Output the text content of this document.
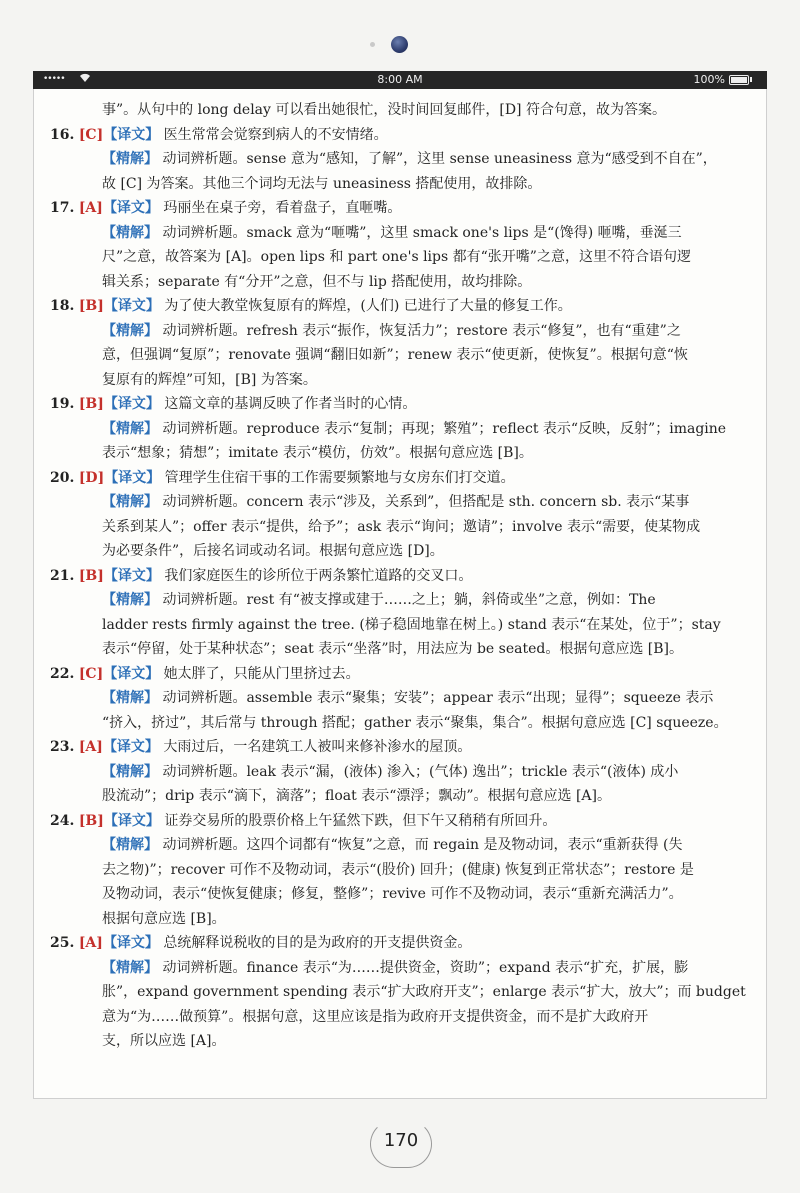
•••••	8:00 AM	100%
事”。从句中的 long delay 可以看出她很忙，没时间回复邮件，[D] 符合句意，故为答案。
16. [C]【译文】 医生常常会觉察到病人的不安情绪。
【精解】 动词辨析题。sense 意为“感知，了解”，这里 sense uneasiness 意为“感受到不自在”，
故 [C] 为答案。其他三个词均无法与 uneasiness 搭配使用，故排除。
17. [A]【译文】 玛丽坐在桌子旁，看着盘子，直咂嘴。
【精解】 动词辨析题。smack 意为“咂嘴”，这里 smack one's lips 是“(馋得) 咂嘴，垂涎三
尺”之意，故答案为 [A]。open lips 和 part one's lips 都有“张开嘴”之意，这里不符合语句逻
辑关系；separate 有“分开”之意，但不与 lip 搭配使用，故均排除。
18. [B]【译文】 为了使大教堂恢复原有的辉煌，(人们) 已进行了大量的修复工作。
【精解】 动词辨析题。refresh 表示“振作，恢复活力”；restore 表示“修复”，也有“重建”之
意，但强调“复原”；renovate 强调“翻旧如新”；renew 表示“使更新，使恢复”。根据句意“恢
复原有的辉煌”可知，[B] 为答案。
19. [B]【译文】 这篇文章的基调反映了作者当时的心情。
【精解】 动词辨析题。reproduce 表示“复制；再现；繁殖”；reflect 表示“反映，反射”；imagine
表示“想象；猜想”；imitate 表示“模仿，仿效”。根据句意应选 [B]。
20. [D]【译文】 管理学生住宿干事的工作需要频繁地与女房东们打交道。
【精解】 动词辨析题。concern 表示“涉及，关系到”，但搭配是 sth. concern sb. 表示“某事
关系到某人”；offer 表示“提供，给予”；ask 表示“询问；邀请”；involve 表示“需要，使某物成
为必要条件”，后接名词或动名词。根据句意应选 [D]。
21. [B]【译文】 我们家庭医生的诊所位于两条繁忙道路的交叉口。
【精解】 动词辨析题。rest 有“被支撑或建于……之上；躺，斜倚或坐”之意，例如：The
ladder rests firmly against the tree. (梯子稳固地靠在树上。) stand 表示“在某处，位于”；stay
表示“停留，处于某种状态”；seat 表示“坐落”时，用法应为 be seated。根据句意应选 [B]。
22. [C]【译文】 她太胖了，只能从门里挤过去。
【精解】 动词辨析题。assemble 表示“聚集；安装”；appear 表示“出现；显得”；squeeze 表示
“挤入，挤过”，其后常与 through 搭配；gather 表示“聚集，集合”。根据句意应选 [C] squeeze。
23. [A]【译文】 大雨过后，一名建筑工人被叫来修补渗水的屋顶。
【精解】 动词辨析题。leak 表示“漏，(液体) 渗入；(气体) 逸出”；trickle 表示“(液体) 成小
股流动”；drip 表示“滴下，滴落”；float 表示“漂浮；飘动”。根据句意应选 [A]。
24. [B]【译文】 证券交易所的股票价格上午猛然下跌，但下午又稍稍有所回升。
【精解】 动词辨析题。这四个词都有“恢复”之意，而 regain 是及物动词，表示“重新获得 (失
去之物)”；recover 可作不及物动词，表示“(股价) 回升；(健康) 恢复到正常状态”；restore 是
及物动词，表示“使恢复健康；修复，整修”；revive 可作不及物动词，表示“重新充满活力”。
根据句意应选 [B]。
25. [A]【译文】 总统解释说税收的目的是为政府的开支提供资金。
【精解】 动词辨析题。finance 表示“为……提供资金，资助”；expand 表示“扩充，扩展，膨
胀”，expand government spending 表示“扩大政府开支”；enlarge 表示“扩大，放大”；而 budget
意为“为……做预算”。根据句意，这里应该是指为政府开支提供资金，而不是扩大政府开
支，所以应选 [A]。
170
